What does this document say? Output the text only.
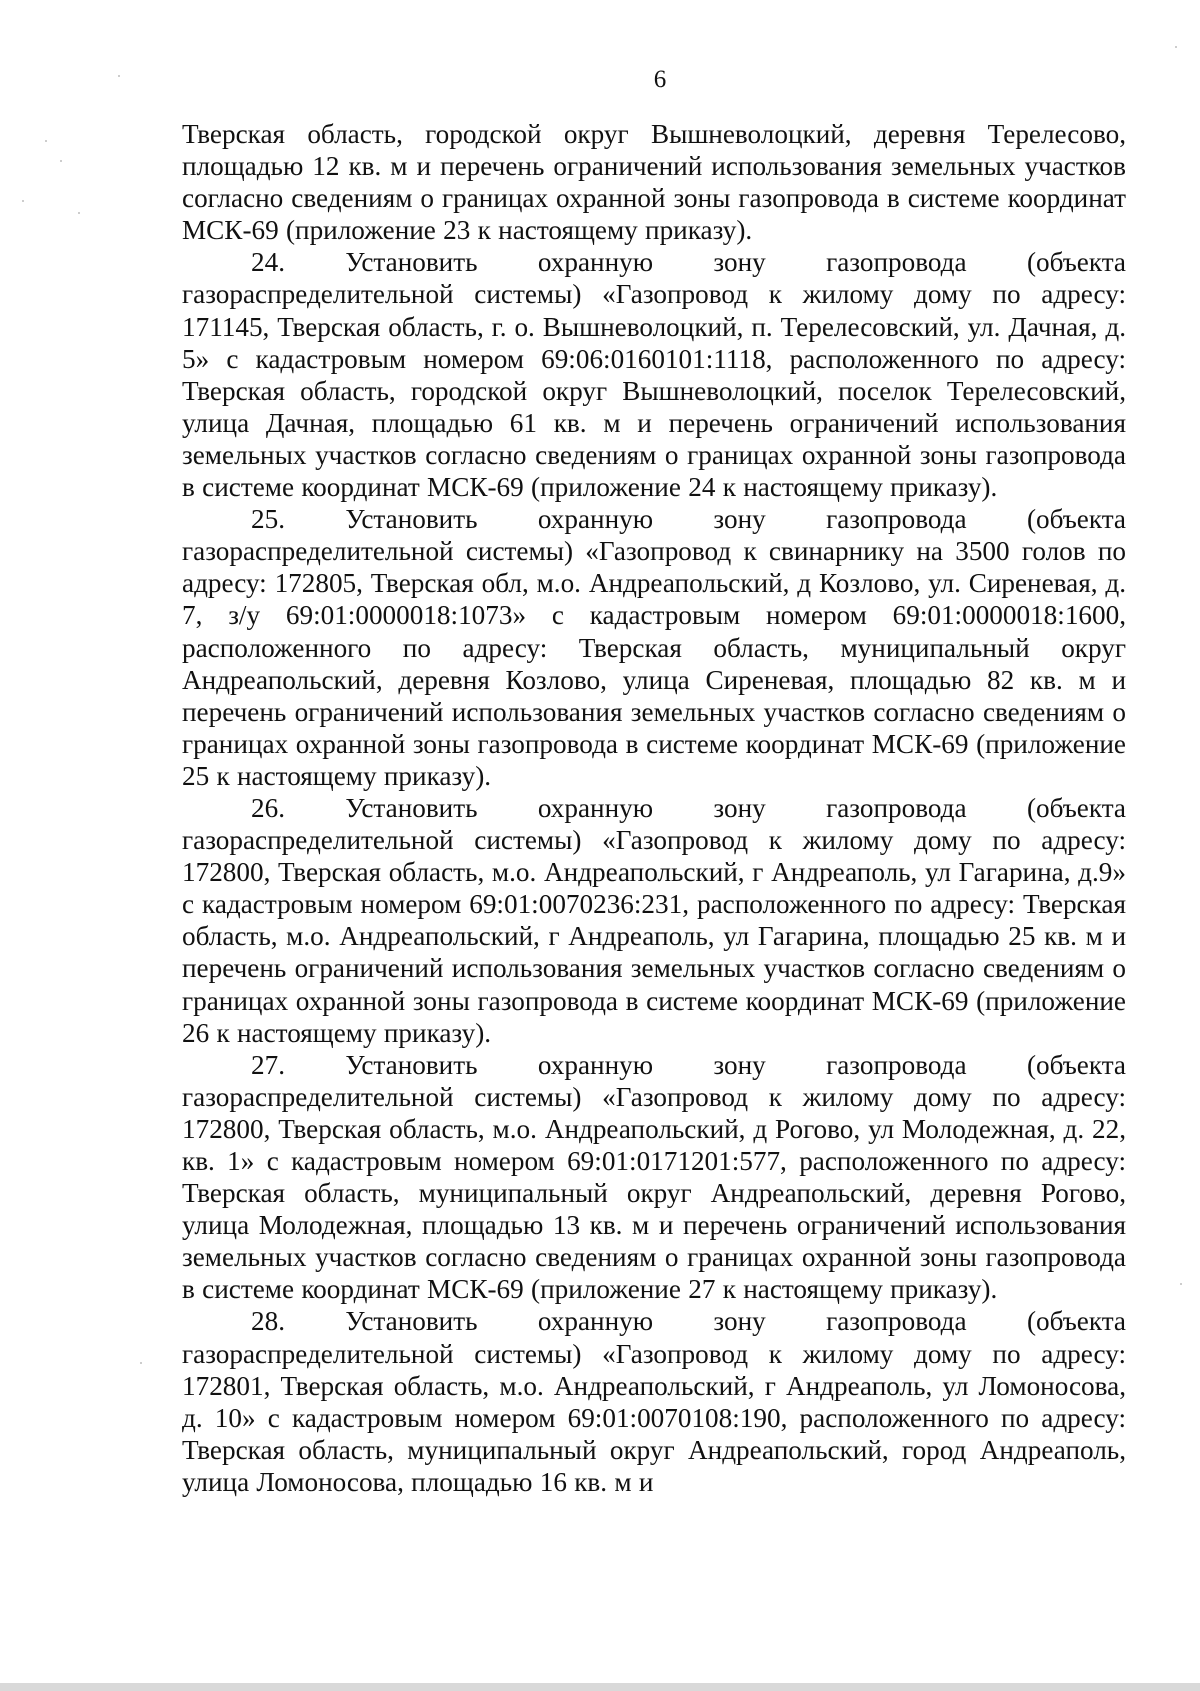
6

Тверская область, городской округ Вышневолоцкий, деревня Терелесово, площадью 12 кв. м и перечень ограничений использования земельных участков согласно сведениям о границах охранной зоны газопровода в системе координат МСК-69 (приложение 23 к настоящему приказу).

24. Установить охранную зону газопровода (объекта газораспределительной системы) «Газопровод к жилому дому по адресу: 171145, Тверская область, г. о. Вышневолоцкий, п. Терелесовский, ул. Дачная, д. 5» с кадастровым номером 69:06:0160101:1118, расположенного по адресу: Тверская область, городской округ Вышневолоцкий, поселок Терелесовский, улица Дачная, площадью 61 кв. м и перечень ограничений использования земельных участков согласно сведениям о границах охранной зоны газопровода в системе координат МСК-69 (приложение 24 к настоящему приказу).

25. Установить охранную зону газопровода (объекта газораспределительной системы) «Газопровод к свинарнику на 3500 голов по адресу: 172805, Тверская обл, м.о. Андреапольский, д Козлово, ул. Сиреневая, д. 7, з/у 69:01:0000018:1073» с кадастровым номером 69:01:0000018:1600, расположенного по адресу: Тверская область, муниципальный округ Андреапольский, деревня Козлово, улица Сиреневая, площадью 82 кв. м и перечень ограничений использования земельных участков согласно сведениям о границах охранной зоны газопровода в системе координат МСК-69 (приложение 25 к настоящему приказу).

26. Установить охранную зону газопровода (объекта газораспределительной системы) «Газопровод к жилому дому по адресу: 172800, Тверская область, м.о. Андреапольский, г Андреаполь, ул Гагарина, д.9» с кадастровым номером 69:01:0070236:231, расположенного по адресу: Тверская область, м.о. Андреапольский, г Андреаполь, ул Гагарина, площадью 25 кв. м и перечень ограничений использования земельных участков согласно сведениям о границах охранной зоны газопровода в системе координат МСК-69 (приложение 26 к настоящему приказу).

27. Установить охранную зону газопровода (объекта газораспределительной системы) «Газопровод к жилому дому по адресу: 172800, Тверская область, м.о. Андреапольский, д Рогово, ул Молодежная, д. 22, кв. 1» с кадастровым номером 69:01:0171201:577, расположенного по адресу: Тверская область, муниципальный округ Андреапольский, деревня Рогово, улица Молодежная, площадью 13 кв. м и перечень ограничений использования земельных участков согласно сведениям о границах охранной зоны газопровода в системе координат МСК-69 (приложение 27 к настоящему приказу).

28. Установить охранную зону газопровода (объекта газораспределительной системы) «Газопровод к жилому дому по адресу: 172801, Тверская область, м.о. Андреапольский, г Андреаполь, ул Ломоносова, д. 10» с кадастровым номером 69:01:0070108:190, расположенного по адресу: Тверская область, муниципальный округ Андреапольский, город Андреаполь, улица Ломоносова, площадью 16 кв. м и
